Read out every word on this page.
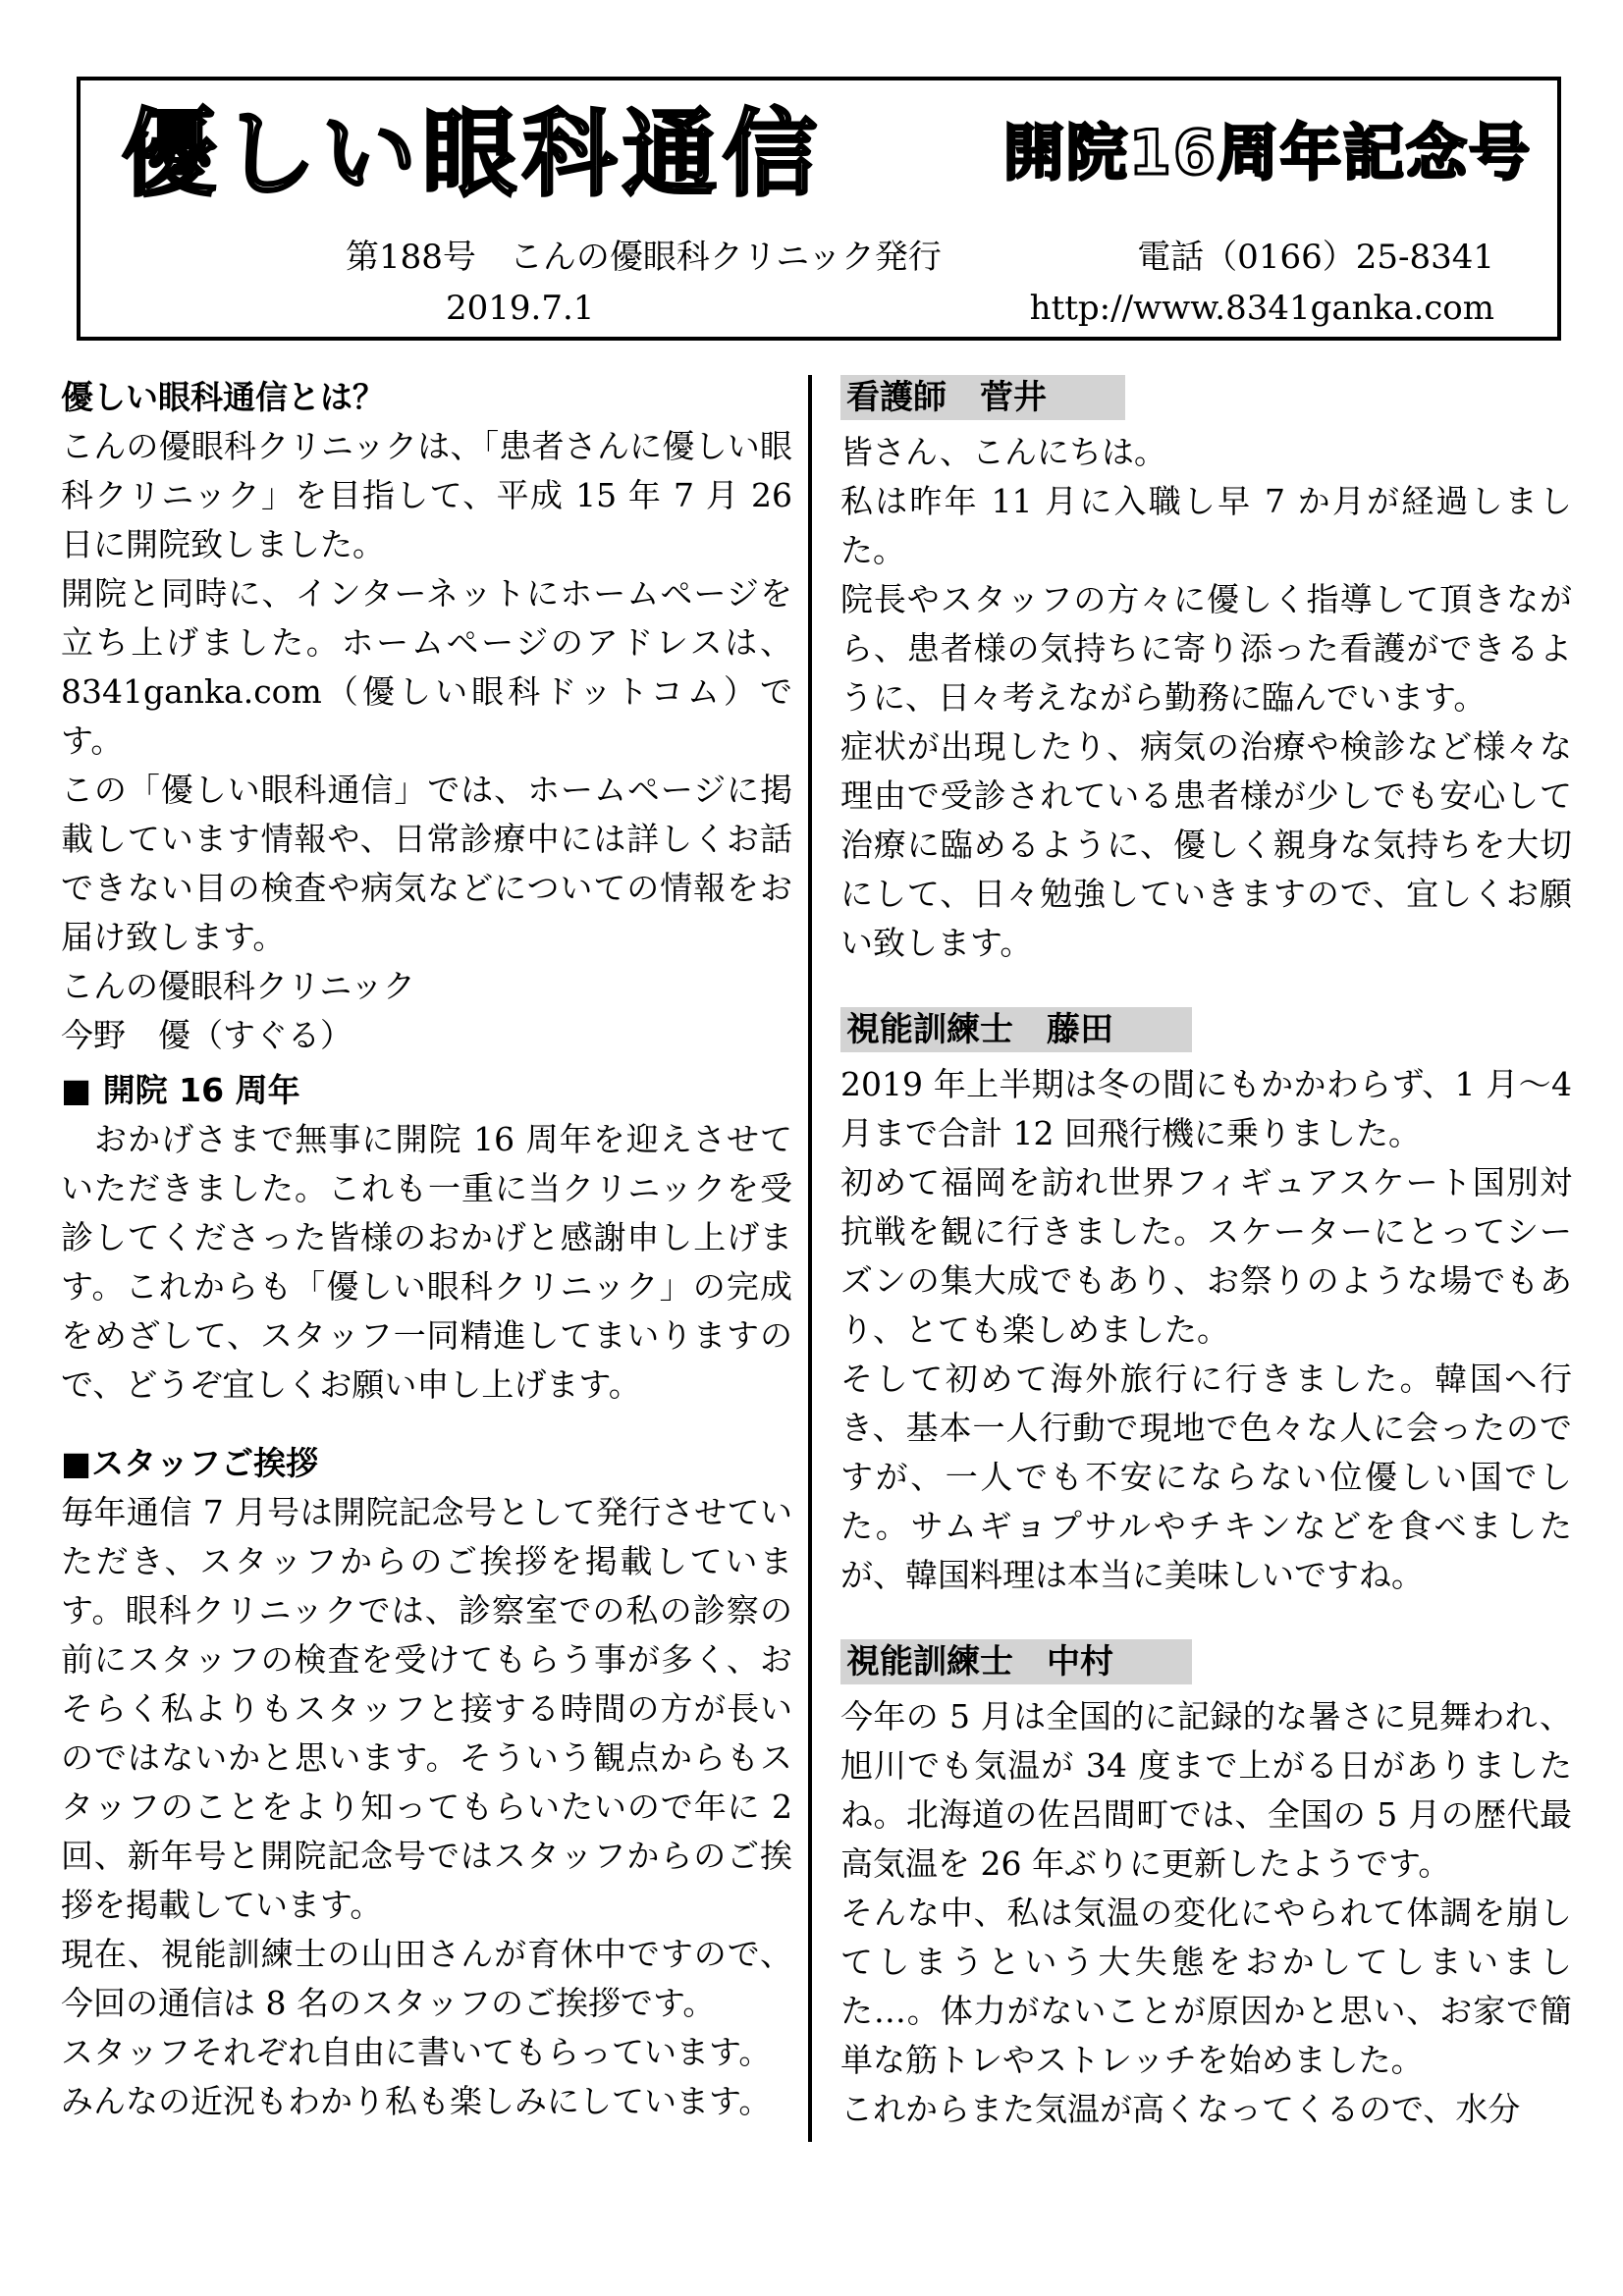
優しい眼科通信	開院16周年記念号
第188号　こんの優眼科クリニック発行	電話（0166）25-8341
2019.7.1	http://www.8341ganka.com
優しい眼科通信とは？

こんの優眼科クリニックは、「患者さんに優しい眼科クリニック」を目指して、平成 15 年 7 月 26 日に開院致しました。

開院と同時に、インターネットにホームページを立ち上げました。ホームページのアドレスは、8341ganka.com（優しい眼科ドットコム）です。

この「優しい眼科通信」では、ホームページに掲載しています情報や、日常診療中には詳しくお話できない目の検査や病気などについての情報をお届け致します。

こんの優眼科クリニック

今野　優（すぐる）

■ 開院 16 周年

　おかげさまで無事に開院 16 周年を迎えさせていただきました。これも一重に当クリニックを受診してくださった皆様のおかげと感謝申し上げます。これからも「優しい眼科クリニック」の完成をめざして、スタッフ一同精進してまいりますので、どうぞ宜しくお願い申し上げます。

■スタッフご挨拶

毎年通信 7 月号は開院記念号として発行させていただき、スタッフからのご挨拶を掲載しています。眼科クリニックでは、診察室での私の診察の前にスタッフの検査を受けてもらう事が多く、おそらく私よりもスタッフと接する時間の方が長いのではないかと思います。そういう観点からもスタッフのことをより知ってもらいたいので年に 2 回、新年号と開院記念号ではスタッフからのご挨拶を掲載しています。

現在、視能訓練士の山田さんが育休中ですので、今回の通信は 8 名のスタッフのご挨拶です。

スタッフそれぞれ自由に書いてもらっています。

みんなの近況もわかり私も楽しみにしています。

看護師　菅井

皆さん、こんにちは。

私は昨年 11 月に入職し早 7 か月が経過しました。

院長やスタッフの方々に優しく指導して頂きながら、患者様の気持ちに寄り添った看護ができるように、日々考えながら勤務に臨んでいます。

症状が出現したり、病気の治療や検診など様々な理由で受診されている患者様が少しでも安心して治療に臨めるように、優しく親身な気持ちを大切にして、日々勉強していきますので、宜しくお願い致します。

視能訓練士　藤田

2019 年上半期は冬の間にもかかわらず、1 月～4 月まで合計 12 回飛行機に乗りました。

初めて福岡を訪れ世界フィギュアスケート国別対抗戦を観に行きました。スケーターにとってシーズンの集大成でもあり、お祭りのような場でもあり、とても楽しめました。

そして初めて海外旅行に行きました。韓国へ行き、基本一人行動で現地で色々な人に会ったのですが、一人でも不安にならない位優しい国でした。サムギョプサルやチキンなどを食べましたが、韓国料理は本当に美味しいですね。

視能訓練士　中村

今年の 5 月は全国的に記録的な暑さに見舞われ、旭川でも気温が 34 度まで上がる日がありましたね。北海道の佐呂間町では、全国の 5 月の歴代最高気温を 26 年ぶりに更新したようです。

そんな中、私は気温の変化にやられて体調を崩してしまうという大失態をおかしてしまいました…。体力がないことが原因かと思い、お家で簡単な筋トレやストレッチを始めました。

これからまた気温が高くなってくるので、水分
